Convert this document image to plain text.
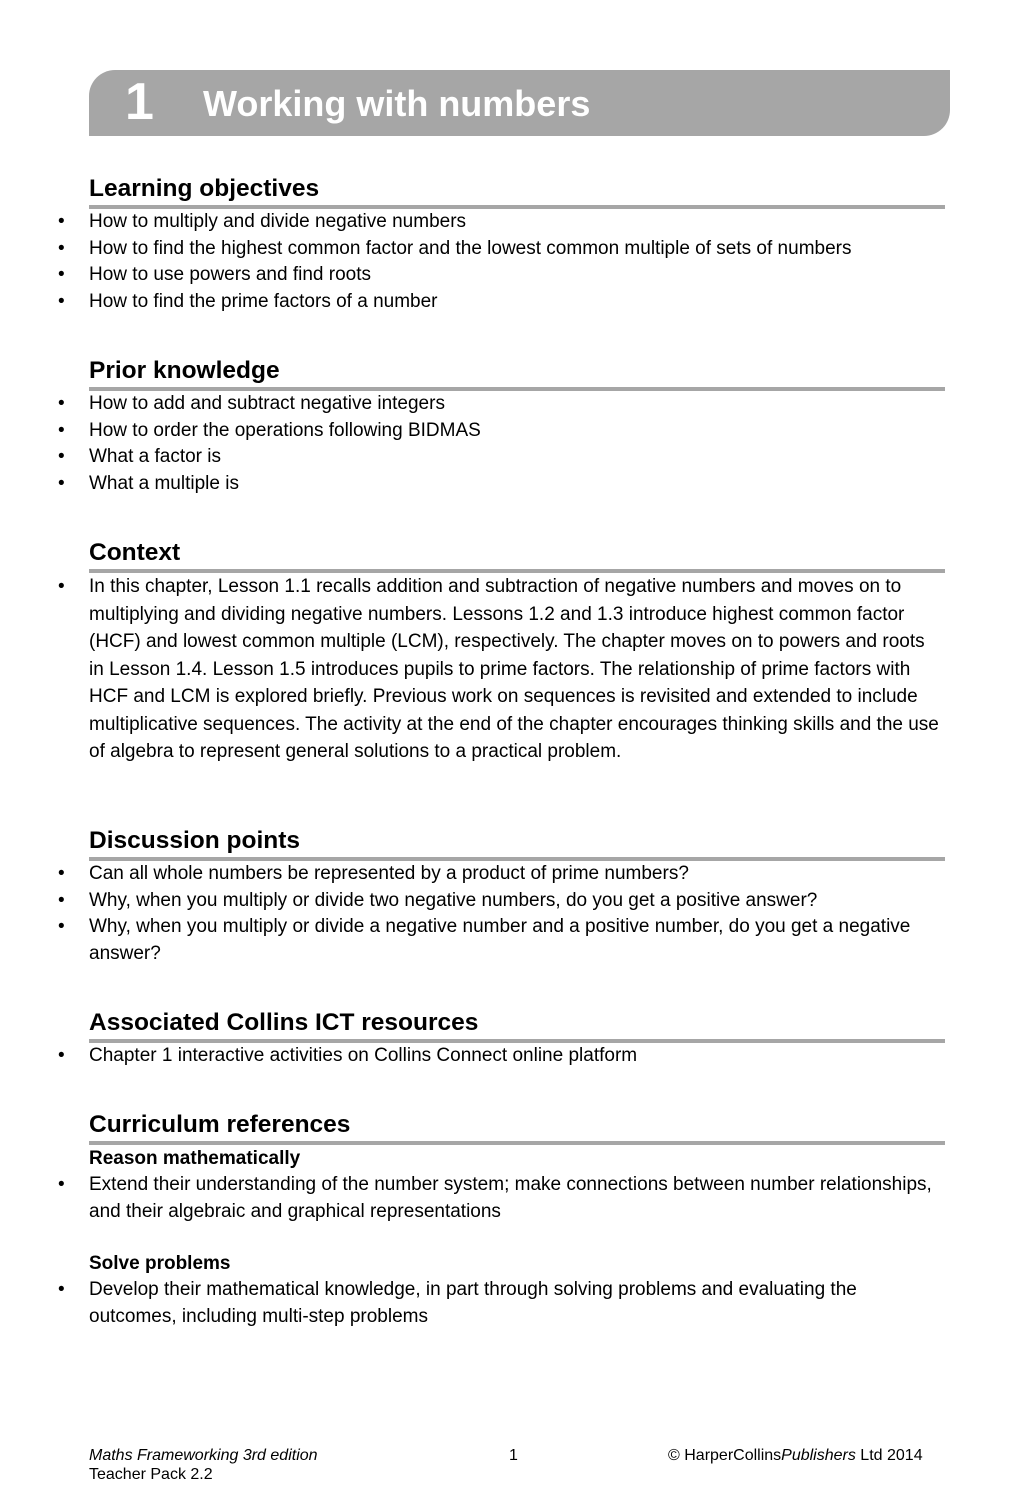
1 Working with numbers
Learning objectives
• How to multiply and divide negative numbers
• How to find the highest common factor and the lowest common multiple of sets of numbers
• How to use powers and find roots
• How to find the prime factors of a number
Prior knowledge
• How to add and subtract negative integers
• How to order the operations following BIDMAS
• What a factor is
• What a multiple is
Context
• In this chapter, Lesson 1.1 recalls addition and subtraction of negative numbers and moves on to multiplying and dividing negative numbers. Lessons 1.2 and 1.3 introduce highest common factor (HCF) and lowest common multiple (LCM), respectively. The chapter moves on to powers and roots in Lesson 1.4. Lesson 1.5 introduces pupils to prime factors. The relationship of prime factors with HCF and LCM is explored briefly. Previous work on sequences is revisited and extended to include multiplicative sequences. The activity at the end of the chapter encourages thinking skills and the use of algebra to represent general solutions to a practical problem.
Discussion points
• Can all whole numbers be represented by a product of prime numbers?
• Why, when you multiply or divide two negative numbers, do you get a positive answer?
• Why, when you multiply or divide a negative number and a positive number, do you get a negative answer?
Associated Collins ICT resources
• Chapter 1 interactive activities on Collins Connect online platform
Curriculum references
Reason mathematically
• Extend their understanding of the number system; make connections between number relationships, and their algebraic and graphical representations
Solve problems
• Develop their mathematical knowledge, in part through solving problems and evaluating the outcomes, including multi-step problems
Maths Frameworking 3rd edition
Teacher Pack 2.2
1	© HarperCollinsPublishers Ltd 2014
